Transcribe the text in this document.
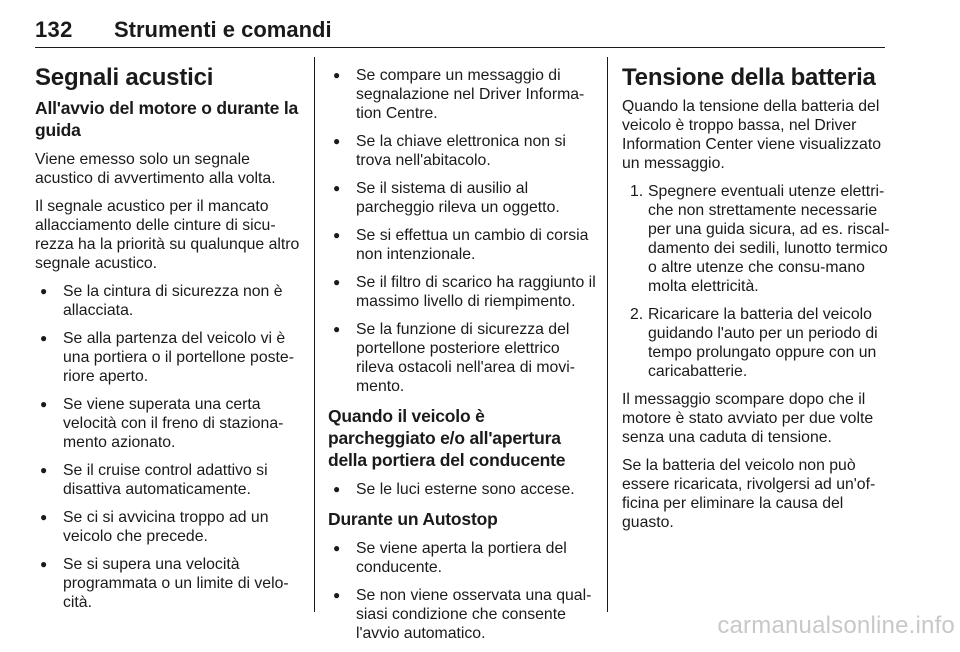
132 Strumenti e comandi
Segnali acustici
All'avvio del motore o durante la guida

Viene emesso solo un segnale acustico di avvertimento alla volta.

Il segnale acustico per il mancato allacciamento delle cinture di sicu-rezza ha la priorità su qualunque altro segnale acustico.

● Se la cintura di sicurezza non è allacciata.
● Se alla partenza del veicolo vi è una portiera o il portellone poste-riore aperto.
● Se viene superata una certa velocità con il freno di staziona-mento azionato.
● Se il cruise control adattivo si disattiva automaticamente.
● Se ci si avvicina troppo ad un veicolo che precede.
● Se si supera una velocità programmata o un limite di velo-cità.
● Se compare un messaggio di segnalazione nel Driver Informa-tion Centre.
● Se la chiave elettronica non si trova nell'abitacolo.
● Se il sistema di ausilio al parcheggio rileva un oggetto.
● Se si effettua un cambio di corsia non intenzionale.
● Se il filtro di scarico ha raggiunto il massimo livello di riempimento.
● Se la funzione di sicurezza del portellone posteriore elettrico rileva ostacoli nell'area di movi-mento.
Quando il veicolo è parcheggiato e/o all'apertura della portiera del conducente
● Se le luci esterne sono accese.
Durante un Autostop
● Se viene aperta la portiera del conducente.
● Se non viene osservata una qual-siasi condizione che consente l'avvio automatico.
Tensione della batteria

Quando la tensione della batteria del veicolo è troppo bassa, nel Driver Information Center viene visualizzato un messaggio.

1. Spegnere eventuali utenze elettri-che non strettamente necessarie per una guida sicura, ad es. riscal-damento dei sedili, lunotto termico o altre utenze che consu-mano molta elettricità.
2. Ricaricare la batteria del veicolo guidando l'auto per un periodo di tempo prolungato oppure con un caricabatterie.

Il messaggio scompare dopo che il motore è stato avviato per due volte senza una caduta di tensione.

Se la batteria del veicolo non può essere ricaricata, rivolgersi ad un'of-ficina per eliminare la causa del guasto.

carmanualsonline.info
